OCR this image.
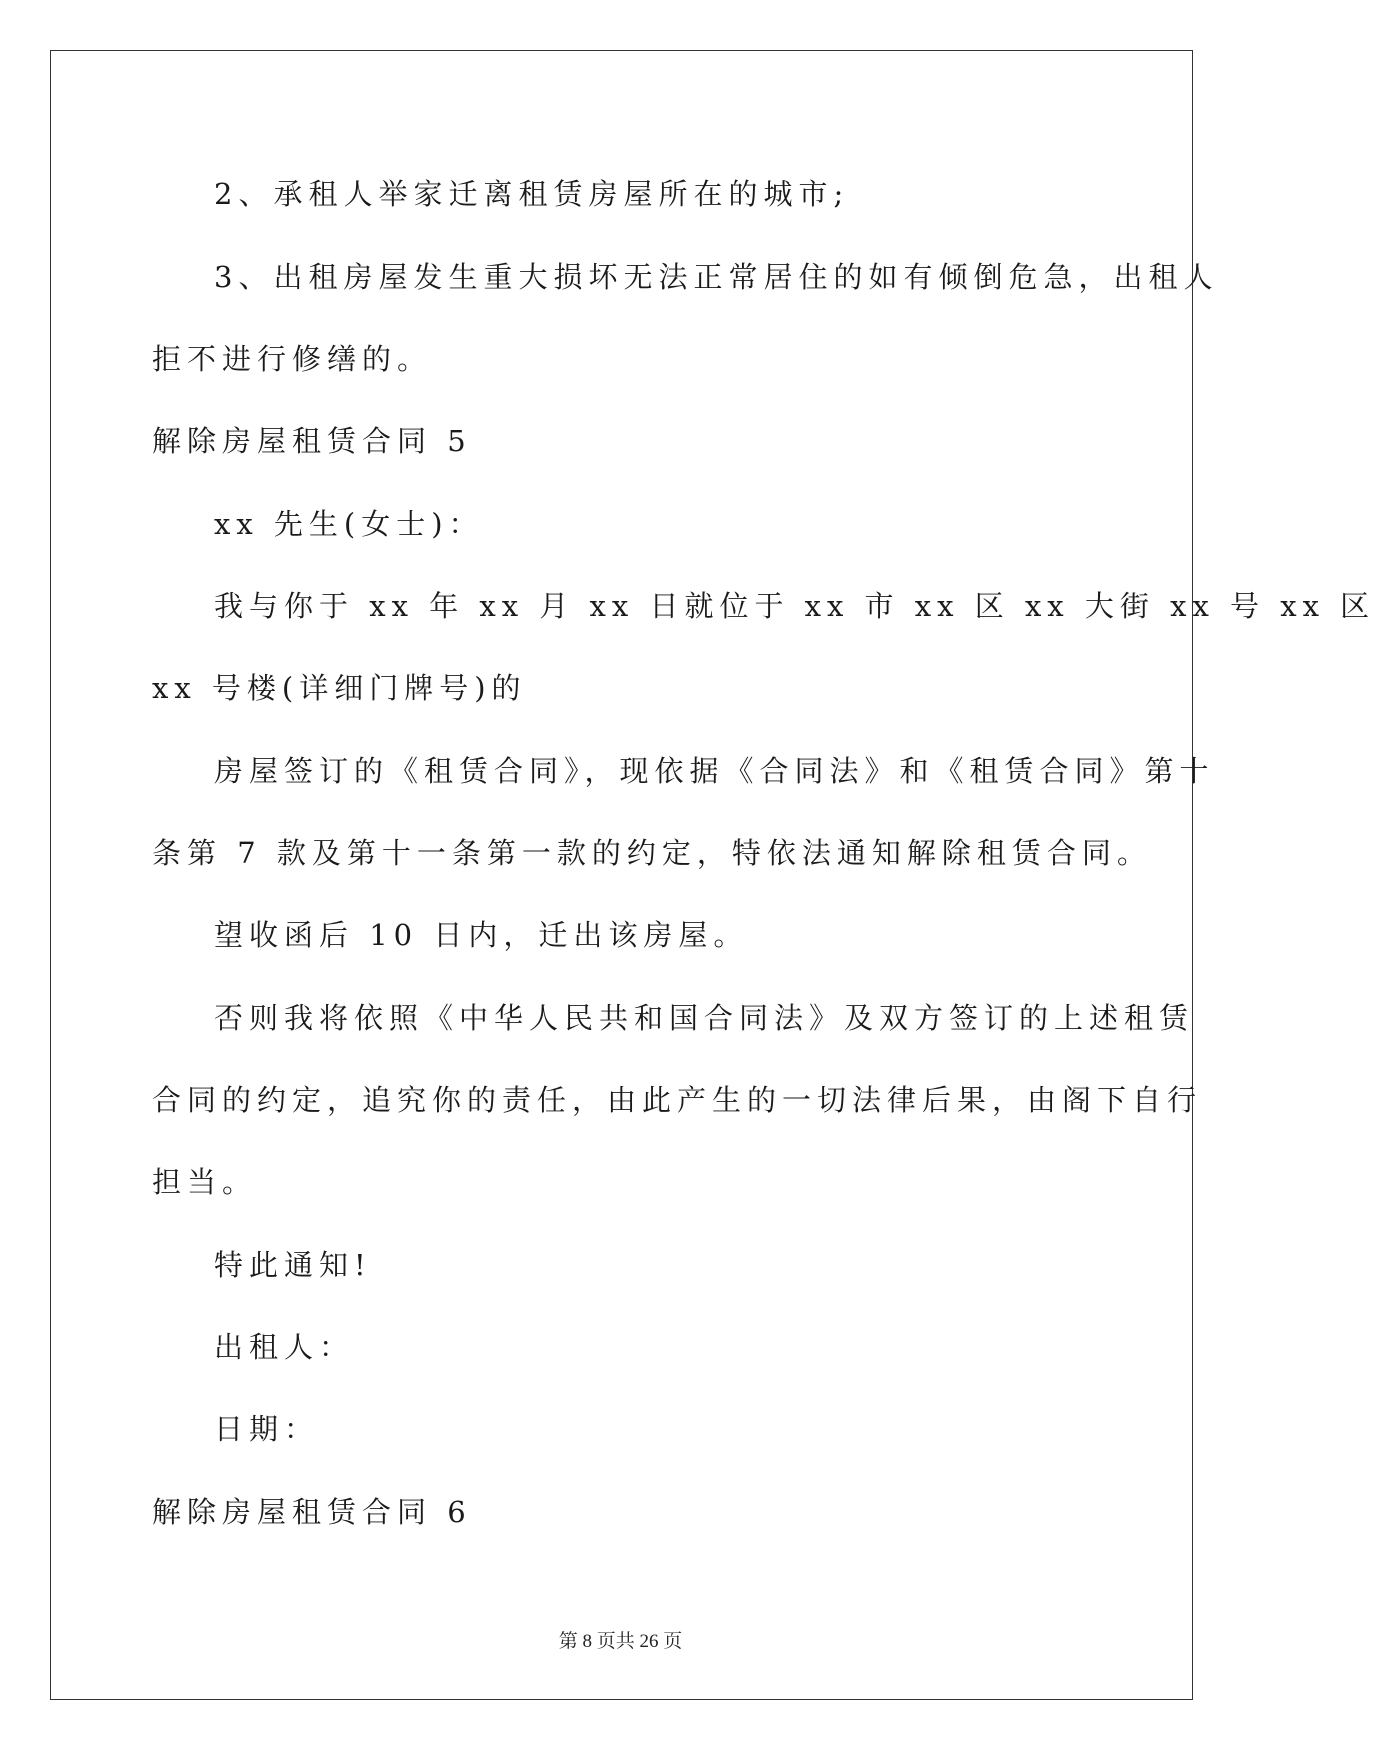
2、承租人举家迁离租赁房屋所在的城市;
3、出租房屋发生重大损坏无法正常居住的如有倾倒危急，出租人
拒不进行修缮的。
解除房屋租赁合同 5
xx 先生(女士)：
我与你于 xx 年 xx 月 xx 日就位于 xx 市 xx 区 xx 大街 xx 号 xx 区
xx 号楼(详细门牌号)的
房屋签订的《租赁合同》，现依据《合同法》和《租赁合同》第十
条第 7 款及第十一条第一款的约定，特依法通知解除租赁合同。
望收函后 10 日内，迁出该房屋。
否则我将依照《中华人民共和国合同法》及双方签订的上述租赁
合同的约定，追究你的责任，由此产生的一切法律后果，由阁下自行
担当。
特此通知!
出租人：
日期：
解除房屋租赁合同 6
第 8 页共 26 页
